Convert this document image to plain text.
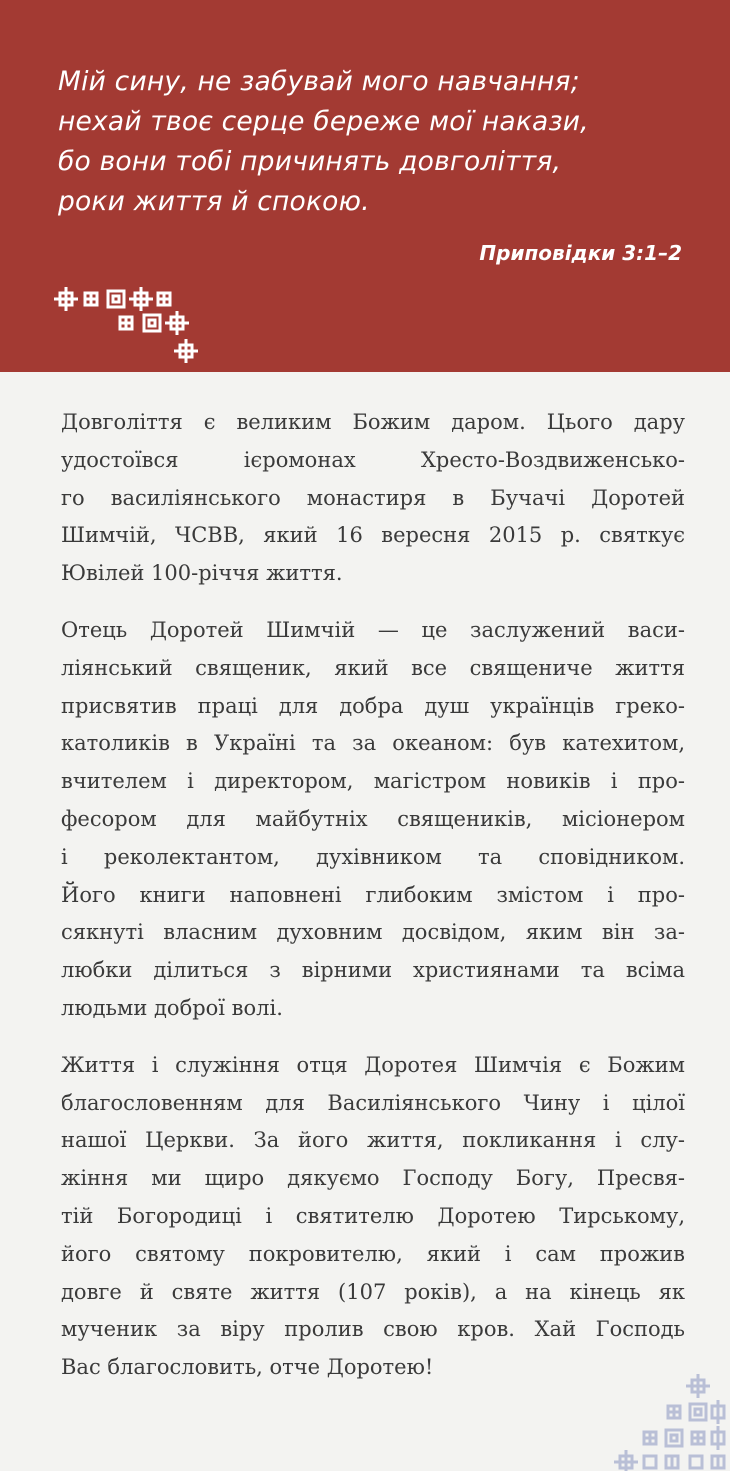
Мій сину, не забувай мого навчання;
нехай твоє серце береже мої накази,
бо вони тобі причинять довголіття,
роки життя й спокою.
Приповідки 3:1–2

Довголіття є великим Божим даром. Цього дару
удостоївся ієромонах Хресто-Воздвиженсько-
го василіянського монастиря в Бучачі Доротей
Шимчій, ЧСВВ, який 16 вересня 2015 р. святкує
Ювілей 100-річчя життя.

Отець Доротей Шимчій — це заслужений васи-
ліянський священик, який все священиче життя
присвятив праці для добра душ українців греко-
католиків в Україні та за океаном: був катехитом,
вчителем і директором, магістром новиків і про-
фесором для майбутніх священиків, місіонером
і реколектантом, духівником та сповідником.
Його книги наповнені глибоким змістом і про-
сякнуті власним духовним досвідом, яким він за-
любки ділиться з вірними християнами та всіма
людьми доброї волі.

Життя і служіння отця Доротея Шимчія є Божим
благословенням для Василіянського Чину і цілої
нашої Церкви. За його життя, покликання і слу-
жіння ми щиро дякуємо Господу Богу, Пресвя-
тій Богородиці і святителю Доротею Тирському,
його святому покровителю, який і сам прожив
довге й святе життя (107 років), а на кінець як
мученик за віру пролив свою кров. Хай Господь
Вас благословить, отче Доротею!
